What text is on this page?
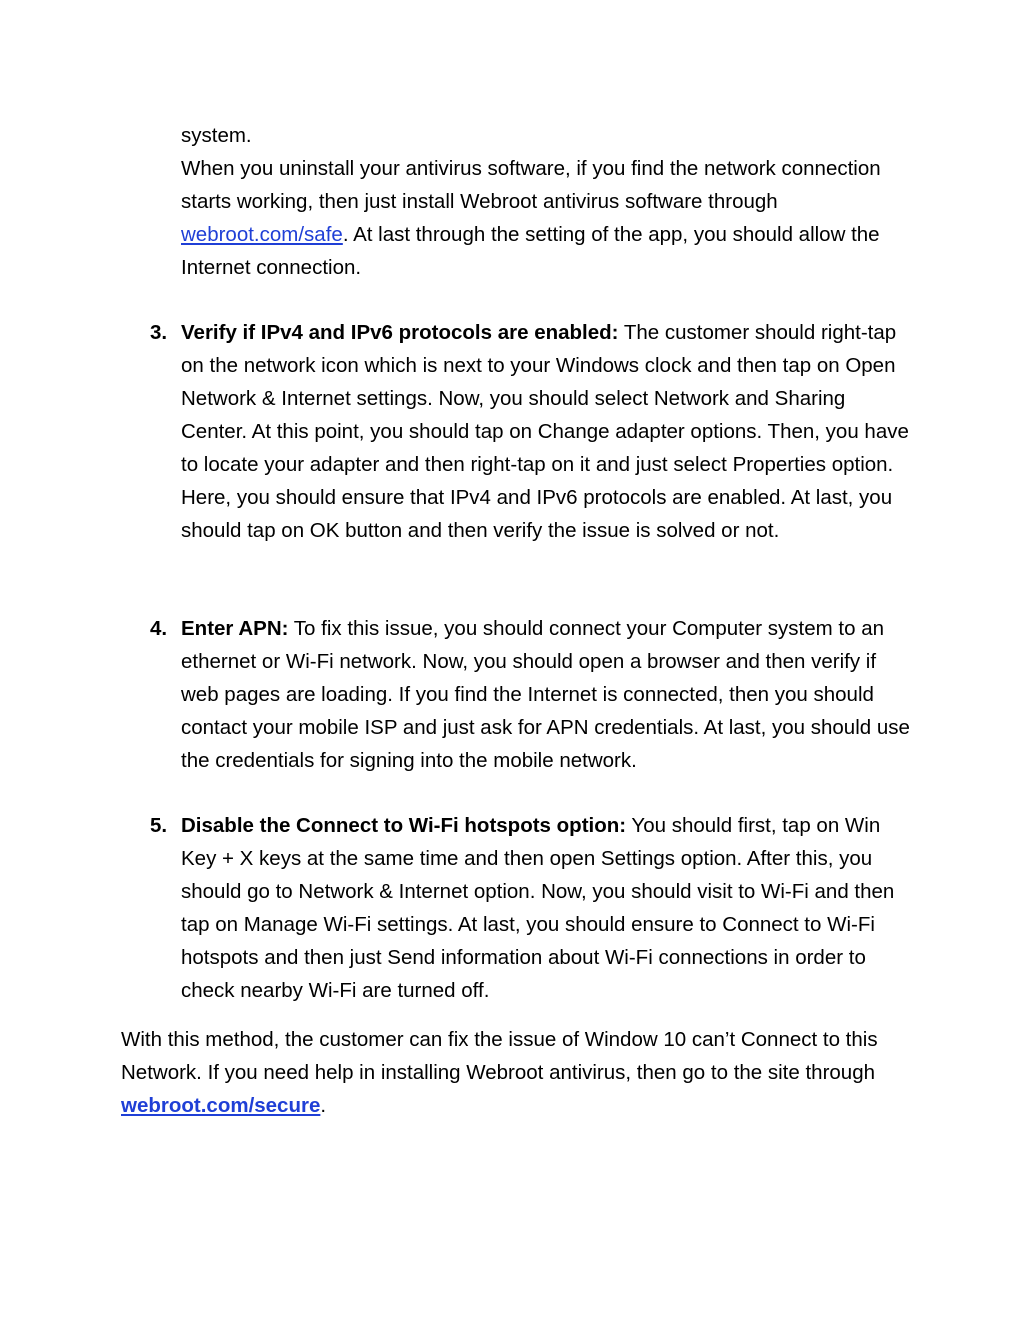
system.

When you uninstall your antivirus software, if you find the network connection starts working, then just install Webroot antivirus software through webroot.com/safe. At last through the setting of the app, you should allow the Internet connection.

3. Verify if IPv4 and IPv6 protocols are enabled: The customer should right-tap on the network icon which is next to your Windows clock and then tap on Open Network & Internet settings. Now, you should select Network and Sharing Center. At this point, you should tap on Change adapter options. Then, you have to locate your adapter and then right-tap on it and just select Properties option. Here, you should ensure that IPv4 and IPv6 protocols are enabled. At last, you should tap on OK button and then verify the issue is solved or not.

4. Enter APN: To fix this issue, you should connect your Computer system to an ethernet or Wi-Fi network. Now, you should open a browser and then verify if web pages are loading. If you find the Internet is connected, then you should contact your mobile ISP and just ask for APN credentials. At last, you should use the credentials for signing into the mobile network.

5. Disable the Connect to Wi-Fi hotspots option: You should first, tap on Win Key + X keys at the same time and then open Settings option. After this, you should go to Network & Internet option. Now, you should visit to Wi-Fi and then tap on Manage Wi-Fi settings. At last, you should ensure to Connect to Wi-Fi hotspots and then just Send information about Wi-Fi connections in order to check nearby Wi-Fi are turned off.

With this method, the customer can fix the issue of Window 10 can’t Connect to this Network. If you need help in installing Webroot antivirus, then go to the site through webroot.com/secure.
